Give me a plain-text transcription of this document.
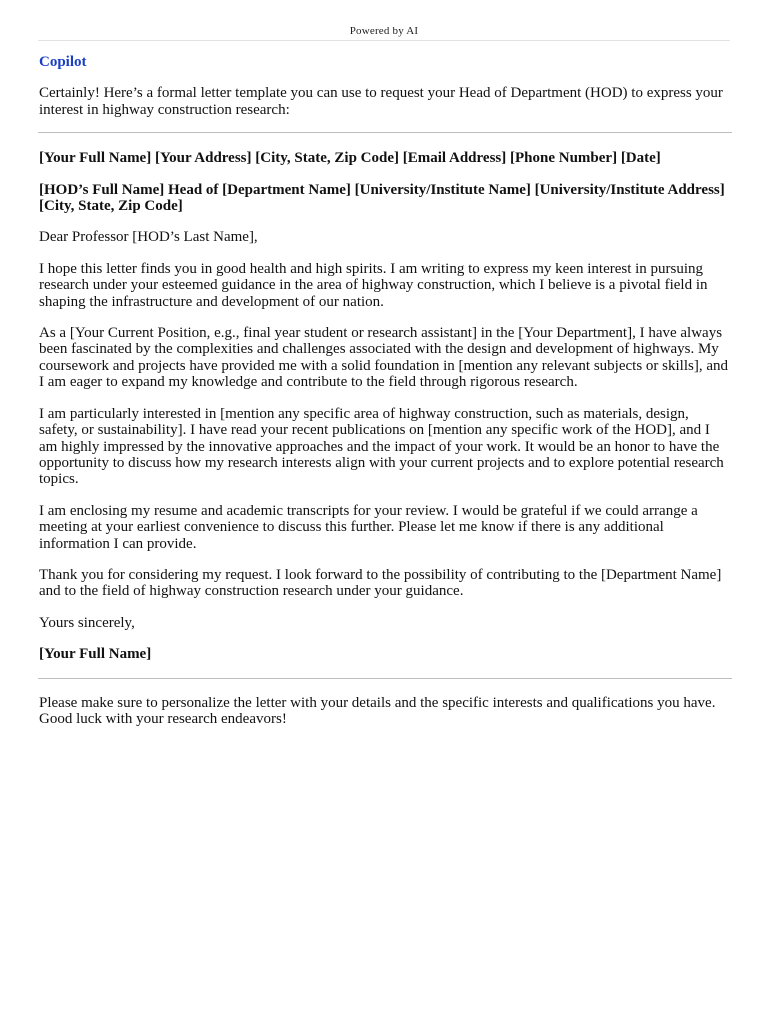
Powered by AI
Copilot

Certainly! Here’s a formal letter template you can use to request your Head of Department (HOD) to express your interest in highway construction research:

[Your Full Name] [Your Address] [City, State, Zip Code] [Email Address] [Phone Number] [Date]

[HOD’s Full Name] Head of [Department Name] [University/Institute Name] [University/Institute Address] [City, State, Zip Code]

Dear Professor [HOD’s Last Name],

I hope this letter finds you in good health and high spirits. I am writing to express my keen interest in pursuing research under your esteemed guidance in the area of highway construction, which I believe is a pivotal field in shaping the infrastructure and development of our nation.

As a [Your Current Position, e.g., final year student or research assistant] in the [Your Department], I have always been fascinated by the complexities and challenges associated with the design and development of highways. My coursework and projects have provided me with a solid foundation in [mention any relevant subjects or skills], and I am eager to expand my knowledge and contribute to the field through rigorous research.

I am particularly interested in [mention any specific area of highway construction, such as materials, design, safety, or sustainability]. I have read your recent publications on [mention any specific work of the HOD], and I am highly impressed by the innovative approaches and the impact of your work. It would be an honor to have the opportunity to discuss how my research interests align with your current projects and to explore potential research topics.

I am enclosing my resume and academic transcripts for your review. I would be grateful if we could arrange a meeting at your earliest convenience to discuss this further. Please let me know if there is any additional information I can provide.

Thank you for considering my request. I look forward to the possibility of contributing to the [Department Name] and to the field of highway construction research under your guidance.

Yours sincerely,

[Your Full Name]

Please make sure to personalize the letter with your details and the specific interests and qualifications you have. Good luck with your research endeavors!
